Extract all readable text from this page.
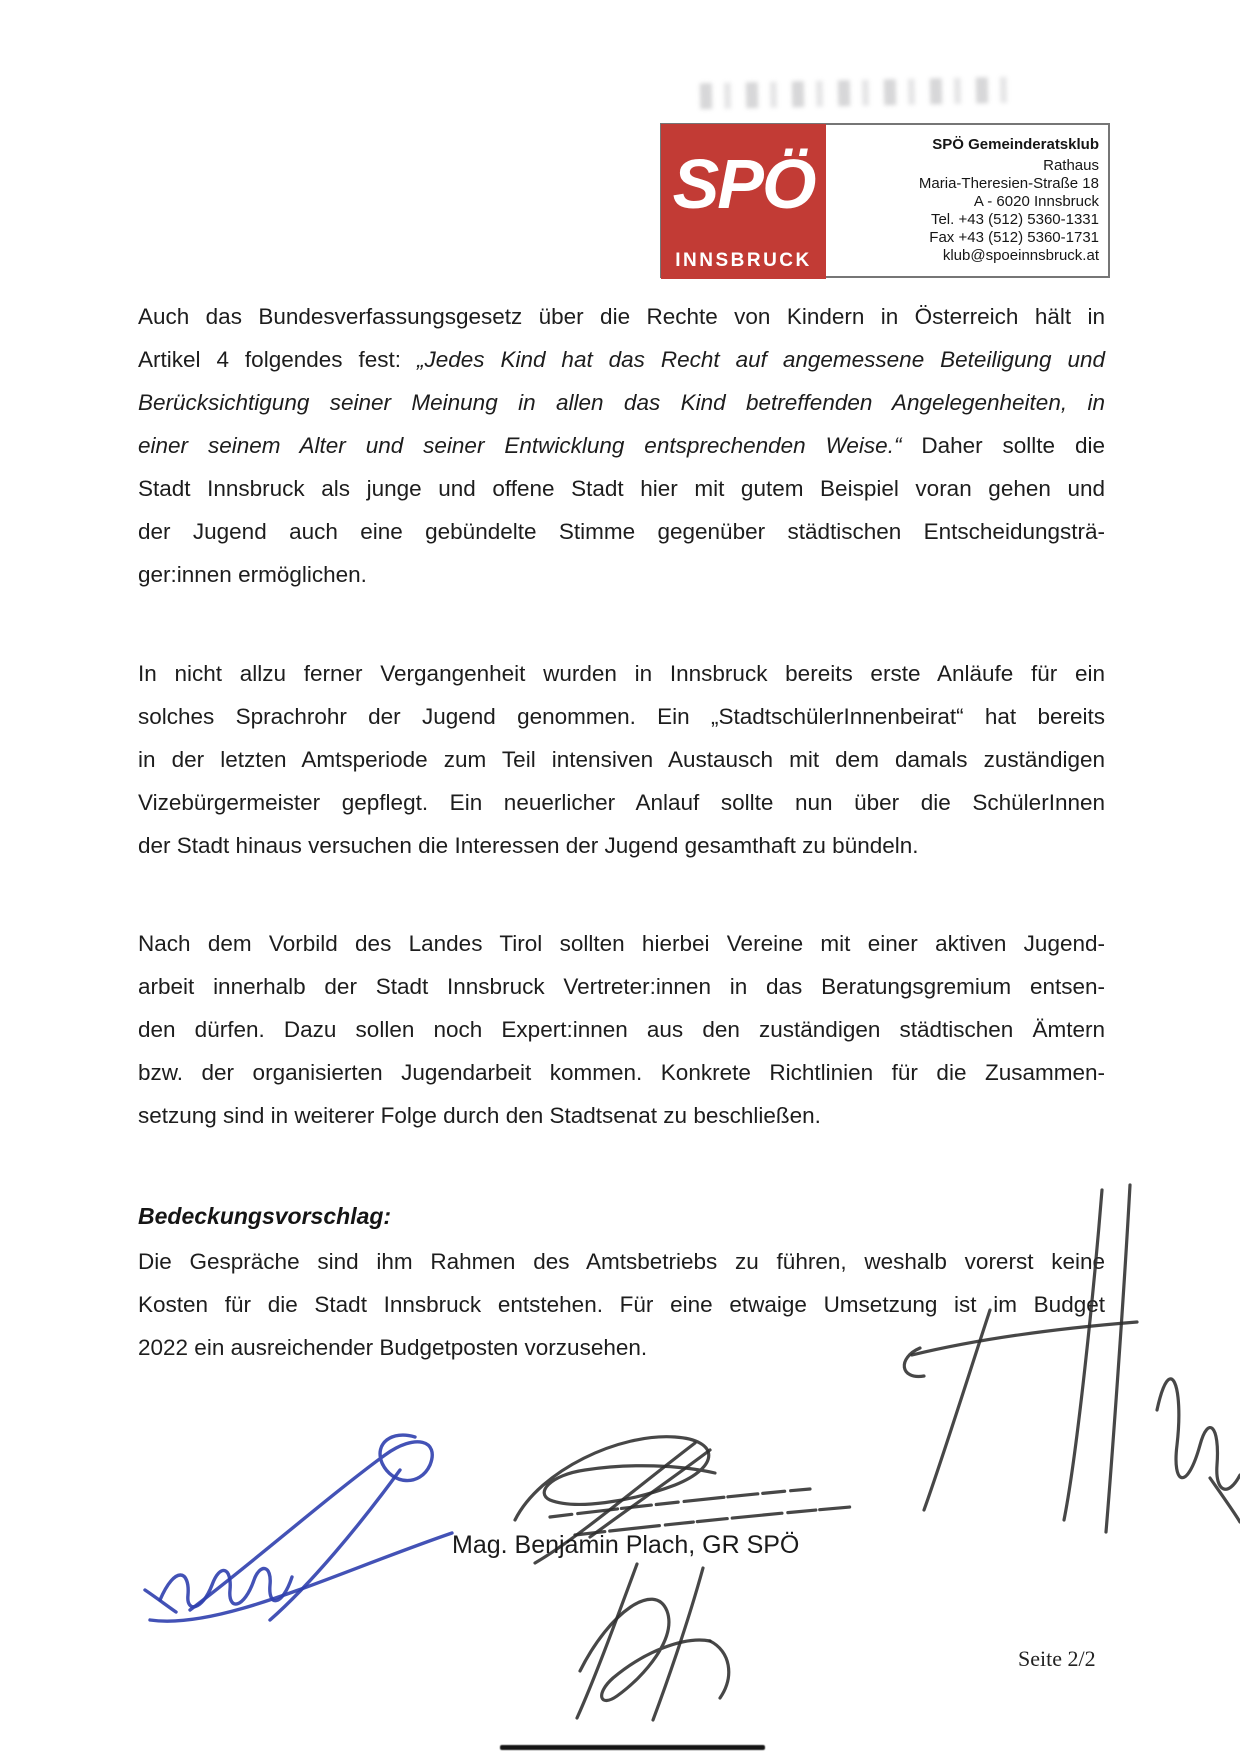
SPÖ
INNSBRUCK
SPÖ Gemeinderatsklub
Rathaus
Maria-Theresien-Straße 18
A - 6020 Innsbruck
Tel. +43 (512) 5360-1331
Fax +43 (512) 5360-1731
klub@spoeinnsbruck.at
Auch das Bundesverfassungsgesetz über die Rechte von Kindern in Österreich hält in
Artikel 4 folgendes fest: „Jedes Kind hat das Recht auf angemessene Beteiligung und
Berücksichtigung seiner Meinung in allen das Kind betreffenden Angelegenheiten, in
einer seinem Alter und seiner Entwicklung entsprechenden Weise.“ Daher sollte die
Stadt Innsbruck als junge und offene Stadt hier mit gutem Beispiel voran gehen und
der Jugend auch eine gebündelte Stimme gegenüber städtischen Entscheidungsträ-
ger:innen ermöglichen.
In nicht allzu ferner Vergangenheit wurden in Innsbruck bereits erste Anläufe für ein
solches Sprachrohr der Jugend genommen. Ein „StadtschülerInnenbeirat“ hat bereits
in der letzten Amtsperiode zum Teil intensiven Austausch mit dem damals zuständigen
Vizebürgermeister gepflegt. Ein neuerlicher Anlauf sollte nun über die SchülerInnen
der Stadt hinaus versuchen die Interessen der Jugend gesamthaft zu bündeln.
Nach dem Vorbild des Landes Tirol sollten hierbei Vereine mit einer aktiven Jugend-
arbeit innerhalb der Stadt Innsbruck Vertreter:innen in das Beratungsgremium entsen-
den dürfen. Dazu sollen noch Expert:innen aus den zuständigen städtischen Ämtern
bzw. der organisierten Jugendarbeit kommen. Konkrete Richtlinien für die Zusammen-
setzung sind in weiterer Folge durch den Stadtsenat zu beschließen.
Bedeckungsvorschlag:
Die Gespräche sind ihm Rahmen des Amtsbetriebs zu führen, weshalb vorerst keine
Kosten für die Stadt Innsbruck entstehen. Für eine etwaige Umsetzung ist im Budget
2022 ein ausreichender Budgetposten vorzusehen.
Mag. Benjamin Plach, GR SPÖ
Seite 2/2
